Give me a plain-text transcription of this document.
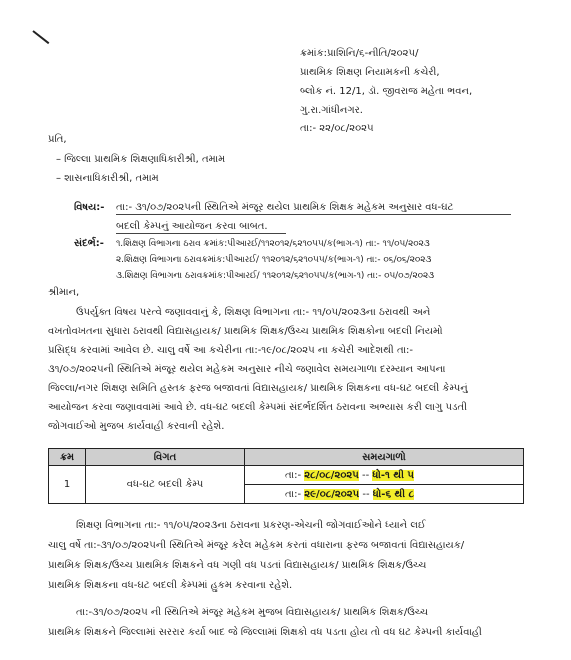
ક્રમાંક:પ્રાશિનિ/૬-નીતિ/૨૦૨૫/
પ્રાથમિક શિક્ષણ નિયામકની કચેરી,
બ્લોક નં. 12/1, ડૉ. જીવરાજ મહેતા ભવન,
ગુ.રા.ગાંધીનગર.
તા:- ૨૨/૦૮/૨૦૨૫
પ્રતિ,
– જિલ્લા પ્રાથમિક શિક્ષણાધિકારીશ્રી, તમામ
– શાસનાધિકારીશ્રી, તમામ
વિષય:- તા:- ૩૧/૦૭/૨૦૨૫ની સ્થિતિએ મંજૂર થયેલ પ્રાથમિક શિક્ષક મહેકમ અનુસાર વધ-ઘટ
બદલી કેમ્પનું આયોજન કરવા બાબત.
સંદર્ભ:- ૧.શિક્ષણ વિભાગના ઠરાવ ક્રમાંક:પીઆરઈ/૧૧૨૦૧૨/૬૨૧૦૫૫/ક(ભાગ-૧) તા:- ૧૧/૦૫/૨૦૨૩
૨.શિક્ષણ વિભાગના ઠરાવક્રમાંક:પીઆરઈ/ ૧૧૨૦૧૨/૬૨૧૦૫૫/ક(ભાગ-૧) તા:- ૦૬/૦૬/૨૦૨૩
૩.શિક્ષણ વિભાગના ઠરાવક્રમાંક:પીઆરઈ/ ૧૧૨૦૧૨/૬૨૧૦૫૫/ક(ભાગ-૧) તા:- ૦૫/૦૭/૨૦૨૩
શ્રીમાન,
ઉપર્યુક્ત વિષય પરત્વે જણાવવાનું કે, શિક્ષણ વિભાગના તા:- ૧૧/૦૫/૨૦૨૩ના ઠરાવથી અને
વખતોવખતના સુધારા ઠરાવથી વિદ્યાસહાયક/ પ્રાથમિક શિક્ષક/ઉચ્ચ પ્રાથમિક શિક્ષકોના બદલી નિયમો
પ્રસિદ્ધ કરવામાં આવેલ છે. ચાલુ વર્ષે આ કચેરીના તા:-૧૯/૦૮/૨૦૨૫ ના કચેરી આદેશથી તા:-
૩૧/૦૭/૨૦૨૫ની સ્થિતિએ મંજૂર થયેલ મહેકમ અનુસાર નીચે જણાવેલ સમયગાળા દરમ્યાન આપના
જિલ્લા/નગર શિક્ષણ સમિતિ હસ્તક ફરજ બજાવતાં વિદ્યાસહાયક/ પ્રાથમિક શિક્ષકના વધ-ઘટ બદલી કેમ્પનું
આયોજન કરવા જણાવવામાં આવે છે. વધ-ઘટ બદલી કેમ્પમાં સંદર્ભદર્શિત ઠરાવના અભ્યાસ કરી લાગુ પડતી
જોગવાઈઓ મુજબ કાર્યવાહી કરવાની રહેશે.
ક્રમ	વિગત	સમયગાળો
1	વધ-ઘટ બદલી કેમ્પ	તા:- ૨૮/૦૮/૨૦૨૫ -- ધો-૧ થી ૫
		તા:- ૨૯/૦૮/૨૦૨૫ -- ધો-૬ થી ૮
શિક્ષણ વિભાગના તા:- ૧૧/૦૫/૨૦૨૩ના ઠરાવના પ્રકરણ-એચની જોગવાઈઓને ધ્યાને લઈ
ચાલુ વર્ષે તા:-૩૧/૦૭/૨૦૨૫ની સ્થિતિએ મંજૂર કરેલ મહેકમ કરતાં વધારાના ફરજ બજાવતાં વિદ્યાસહાયક/
પ્રાથમિક શિક્ષક/ઉચ્ચ પ્રાથમિક શિક્ષકને વધ ગણી વધ પડતાં વિદ્યાસહાયક/ પ્રાથમિક શિક્ષક/ઉચ્ચ
પ્રાથમિક શિક્ષકના વધ-ઘટ બદલી કેમ્પમાં હુકમ કરવાના રહેશે.
તા:-૩૧/૦૭/૨૦૨૫ ની સ્થિતિએ મંજૂર મહેકમ મુજબ વિદ્યાસહાયક/ પ્રાથમિક શિક્ષક/ઉચ્ચ
પ્રાથમિક શિક્ષકને જિલ્લામાં સરરાર કર્યા બાદ જે જિલ્લામાં શિક્ષકો વધ પડતા હોય તો વધ ઘટ કેમ્પની કાર્યવાહી
